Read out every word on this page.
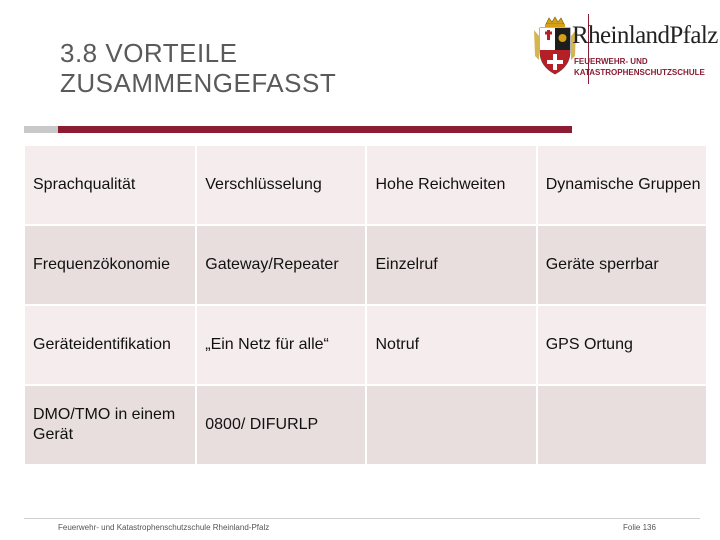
3.8 VORTEILE
ZUSAMMENGEFASST
RheinlandPfalz
FEUERWEHR- UND
KATASTROPHENSCHUTZSCHULE
Sprachqualität	Verschlüsselung	Hohe Reichweiten	Dynamische Gruppen
Frequenzökonomie	Gateway/Repeater	Einzelruf	Geräte sperrbar
Geräteidentifikation	„Ein Netz für alle“	Notruf	GPS Ortung
DMO/TMO in einem Gerät	0800/ DIFURLP		
Feuerwehr- und Katastrophenschutzschule Rheinland-Pfalz	Folie 136
